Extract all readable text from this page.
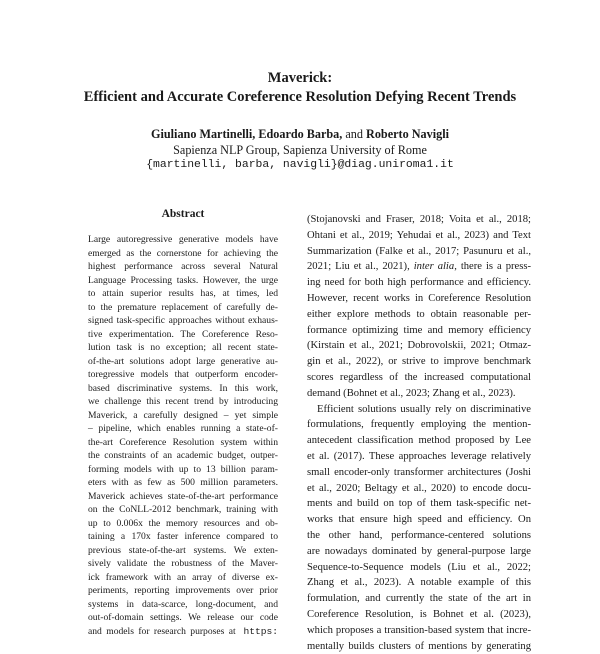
Maverick:
Efficient and Accurate Coreference Resolution Defying Recent Trends
Giuliano Martinelli, Edoardo Barba, and Roberto Navigli
Sapienza NLP Group, Sapienza University of Rome
{martinelli, barba, navigli}@diag.uniroma1.it
Abstract
Large autoregressive generative models have
emerged as the cornerstone for achieving the
highest performance across several Natural
Language Processing tasks. However, the urge
to attain superior results has, at times, led
to the premature replacement of carefully de-
signed task-specific approaches without exhaus-
tive experimentation. The Coreference Reso-
lution task is no exception; all recent state-
of-the-art solutions adopt large generative au-
toregressive models that outperform encoder-
based discriminative systems. In this work,
we challenge this recent trend by introducing
Maverick, a carefully designed – yet simple
– pipeline, which enables running a state-of-
the-art Coreference Resolution system within
the constraints of an academic budget, outper-
forming models with up to 13 billion param-
eters with as few as 500 million parameters.
Maverick achieves state-of-the-art performance
on the CoNLL-2012 benchmark, training with
up to 0.006x the memory resources and ob-
taining a 170x faster inference compared to
previous state-of-the-art systems. We exten-
sively validate the robustness of the Maver-
ick framework with an array of diverse ex-
periments, reporting improvements over prior
systems in data-scarce, long-document, and
out-of-domain settings. We release our code
and models for research purposes at https:
(Stojanovski and Fraser, 2018; Voita et al., 2018;
Ohtani et al., 2019; Yehudai et al., 2023) and Text
Summarization (Falke et al., 2017; Pasunuru et al.,
2021; Liu et al., 2021), inter alia, there is a press-
ing need for both high performance and efficiency.
However, recent works in Coreference Resolution
either explore methods to obtain reasonable per-
formance optimizing time and memory efficiency
(Kirstain et al., 2021; Dobrovolskii, 2021; Otmaz-
gin et al., 2022), or strive to improve benchmark
scores regardless of the increased computational
demand (Bohnet et al., 2023; Zhang et al., 2023).
Efficient solutions usually rely on discriminative
formulations, frequently employing the mention-
antecedent classification method proposed by Lee
et al. (2017). These approaches leverage relatively
small encoder-only transformer architectures (Joshi
et al., 2020; Beltagy et al., 2020) to encode docu-
ments and build on top of them task-specific net-
works that ensure high speed and efficiency. On
the other hand, performance-centered solutions
are nowadays dominated by general-purpose large
Sequence-to-Sequence models (Liu et al., 2022;
Zhang et al., 2023). A notable example of this
formulation, and currently the state of the art in
Coreference Resolution, is Bohnet et al. (2023),
which proposes a transition-based system that incre-
mentally builds clusters of mentions by generating
